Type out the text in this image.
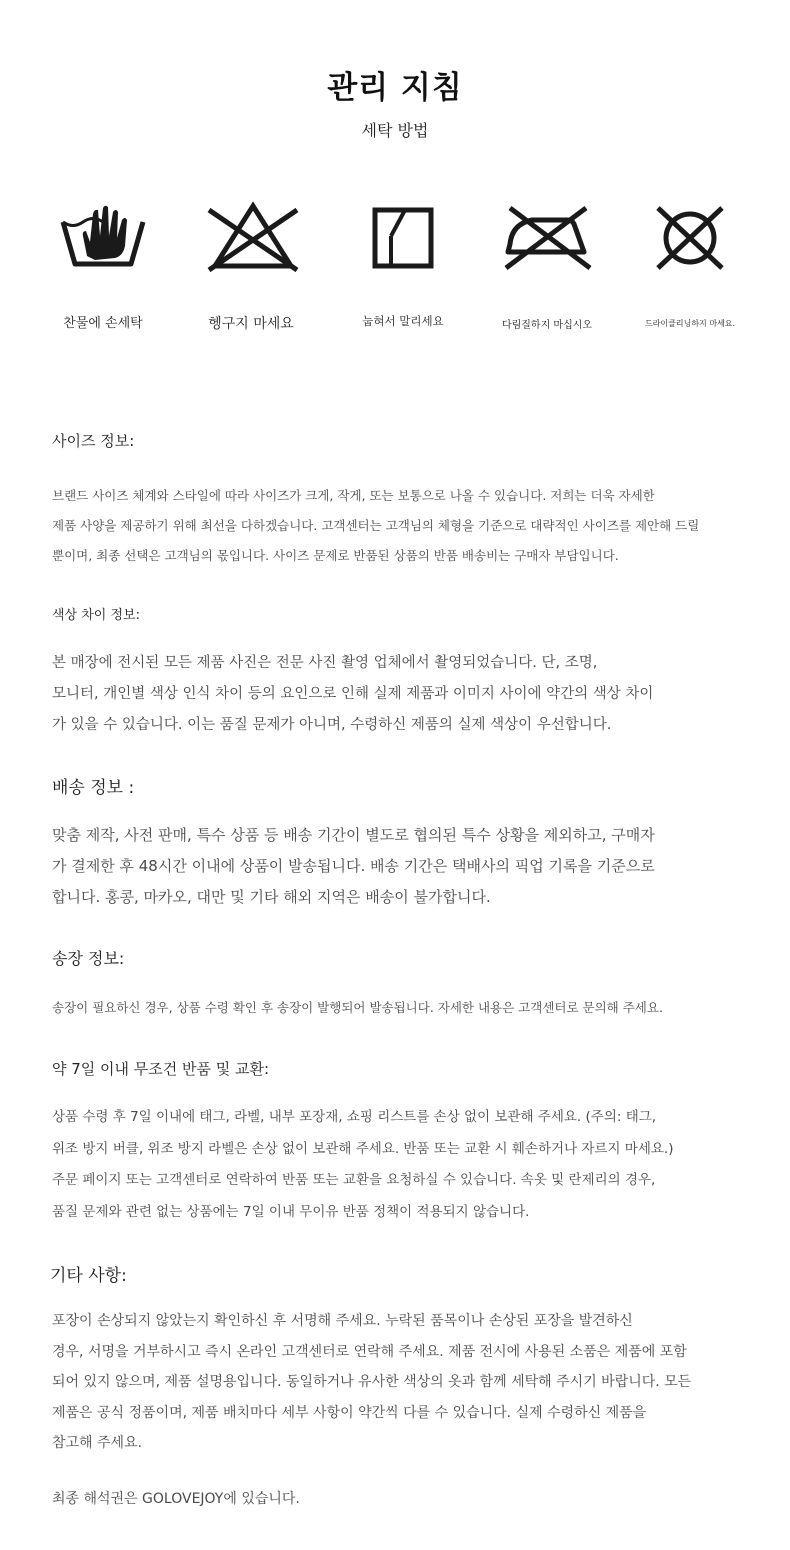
관리 지침
세탁 방법
찬물에 손세탁	헹구지 마세요	눕혀서 말리세요	다림질하지 마십시오	드라이클리닝하지 마세요.
사이즈 정보:
브랜드 사이즈 체계와 스타일에 따라 사이즈가 크게, 작게, 또는 보통으로 나올 수 있습니다. 저희는 더욱 자세한
제품 사양을 제공하기 위해 최선을 다하겠습니다. 고객센터는 고객님의 체형을 기준으로 대략적인 사이즈를 제안해 드릴
뿐이며, 최종 선택은 고객님의 몫입니다. 사이즈 문제로 반품된 상품의 반품 배송비는 구매자 부담입니다.
색상 차이 정보:
본 매장에 전시된 모든 제품 사진은 전문 사진 촬영 업체에서 촬영되었습니다. 단, 조명,
모니터, 개인별 색상 인식 차이 등의 요인으로 인해 실제 제품과 이미지 사이에 약간의 색상 차이
가 있을 수 있습니다. 이는 품질 문제가 아니며, 수령하신 제품의 실제 색상이 우선합니다.
배송 정보 :
맞춤 제작, 사전 판매, 특수 상품 등 배송 기간이 별도로 협의된 특수 상황을 제외하고, 구매자
가 결제한 후 48시간 이내에 상품이 발송됩니다. 배송 기간은 택배사의 픽업 기록을 기준으로
합니다. 홍콩, 마카오, 대만 및 기타 해외 지역은 배송이 불가합니다.
송장 정보:
송장이 필요하신 경우, 상품 수령 확인 후 송장이 발행되어 발송됩니다. 자세한 내용은 고객센터로 문의해 주세요.
약 7일 이내 무조건 반품 및 교환:
상품 수령 후 7일 이내에 태그, 라벨, 내부 포장재, 쇼핑 리스트를 손상 없이 보관해 주세요. (주의: 태그,
위조 방지 버클, 위조 방지 라벨은 손상 없이 보관해 주세요. 반품 또는 교환 시 훼손하거나 자르지 마세요.)
주문 페이지 또는 고객센터로 연락하여 반품 또는 교환을 요청하실 수 있습니다. 속옷 및 란제리의 경우,
품질 문제와 관련 없는 상품에는 7일 이내 무이유 반품 정책이 적용되지 않습니다.
기타 사항:
포장이 손상되지 않았는지 확인하신 후 서명해 주세요. 누락된 품목이나 손상된 포장을 발견하신
경우, 서명을 거부하시고 즉시 온라인 고객센터로 연락해 주세요. 제품 전시에 사용된 소품은 제품에 포함
되어 있지 않으며, 제품 설명용입니다. 동일하거나 유사한 색상의 옷과 함께 세탁해 주시기 바랍니다. 모든
제품은 공식 정품이며, 제품 배치마다 세부 사항이 약간씩 다를 수 있습니다. 실제 수령하신 제품을
참고해 주세요.
최종 해석권은 GOLOVEJOY에 있습니다.
